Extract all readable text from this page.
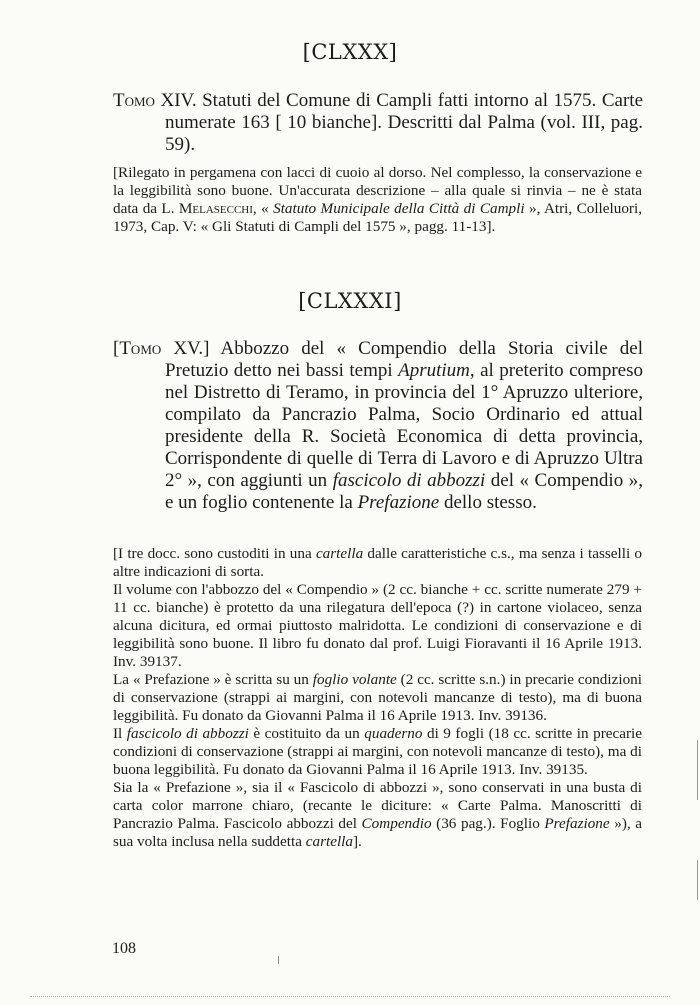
[CLXXX]
Tomo XIV. Statuti del Comune di Campli fatti intorno al 1575. Carte numerate 163 [ 10 bianche]. Descritti dal Palma (vol. III, pag. 59).

[Rilegato in pergamena con lacci di cuoio al dorso. Nel complesso, la conservazione e la leggibilità sono buone. Un'accurata descrizione – alla quale si rinvia – ne è stata data da L. Melasecchi, « Statuto Municipale della Città di Campli », Atri, Colleluori, 1973, Cap. V: « Gli Statuti di Campli del 1575 », pagg. 11-13].

[CLXXXI]
[Tomo XV.] Abbozzo del « Compendio della Storia civile del Pretuzio detto nei bassi tempi Aprutium, al preterito compreso nel Distretto di Teramo, in provincia del 1° Apruzzo ulteriore, compilato da Pancrazio Palma, Socio Ordinario ed attual presidente della R. Società Economica di detta provincia, Corrispondente di quelle di Terra di Lavoro e di Apruzzo Ultra 2° », con aggiunti un fascicolo di abbozzi del « Compendio », e un foglio contenente la Prefazione dello stesso.

[I tre docc. sono custoditi in una cartella dalle caratteristiche c.s., ma senza i tasselli o altre indicazioni di sorta.

Il volume con l'abbozzo del « Compendio » (2 cc. bianche + cc. scritte numerate 279 + 11 cc. bianche) è protetto da una rilegatura dell'epoca (?) in cartone violaceo, senza alcuna dicitura, ed ormai piuttosto malridotta. Le condizioni di conservazione e di leggibilità sono buone. Il libro fu donato dal prof. Luigi Fioravanti il 16 Aprile 1913. Inv. 39137.

La « Prefazione » è scritta su un foglio volante (2 cc. scritte s.n.) in precarie condizioni di conservazione (strappi ai margini, con notevoli mancanze di testo), ma di buona leggibilità. Fu donato da Giovanni Palma il 16 Aprile 1913. Inv. 39136.

Il fascicolo di abbozzi è costituito da un quaderno di 9 fogli (18 cc. scritte in precarie condizioni di conservazione (strappi ai margini, con notevoli mancanze di testo), ma di buona leggibilità. Fu donato da Giovanni Palma il 16 Aprile 1913. Inv. 39135.

Sia la « Prefazione », sia il « Fascicolo di abbozzi », sono conservati in una busta di carta color marrone chiaro, (recante le diciture: « Carte Palma. Manoscritti di Pancrazio Palma. Fascicolo abbozzi del Compendio (36 pag.). Foglio Prefazione »), a sua volta inclusa nella suddetta cartella].

108
